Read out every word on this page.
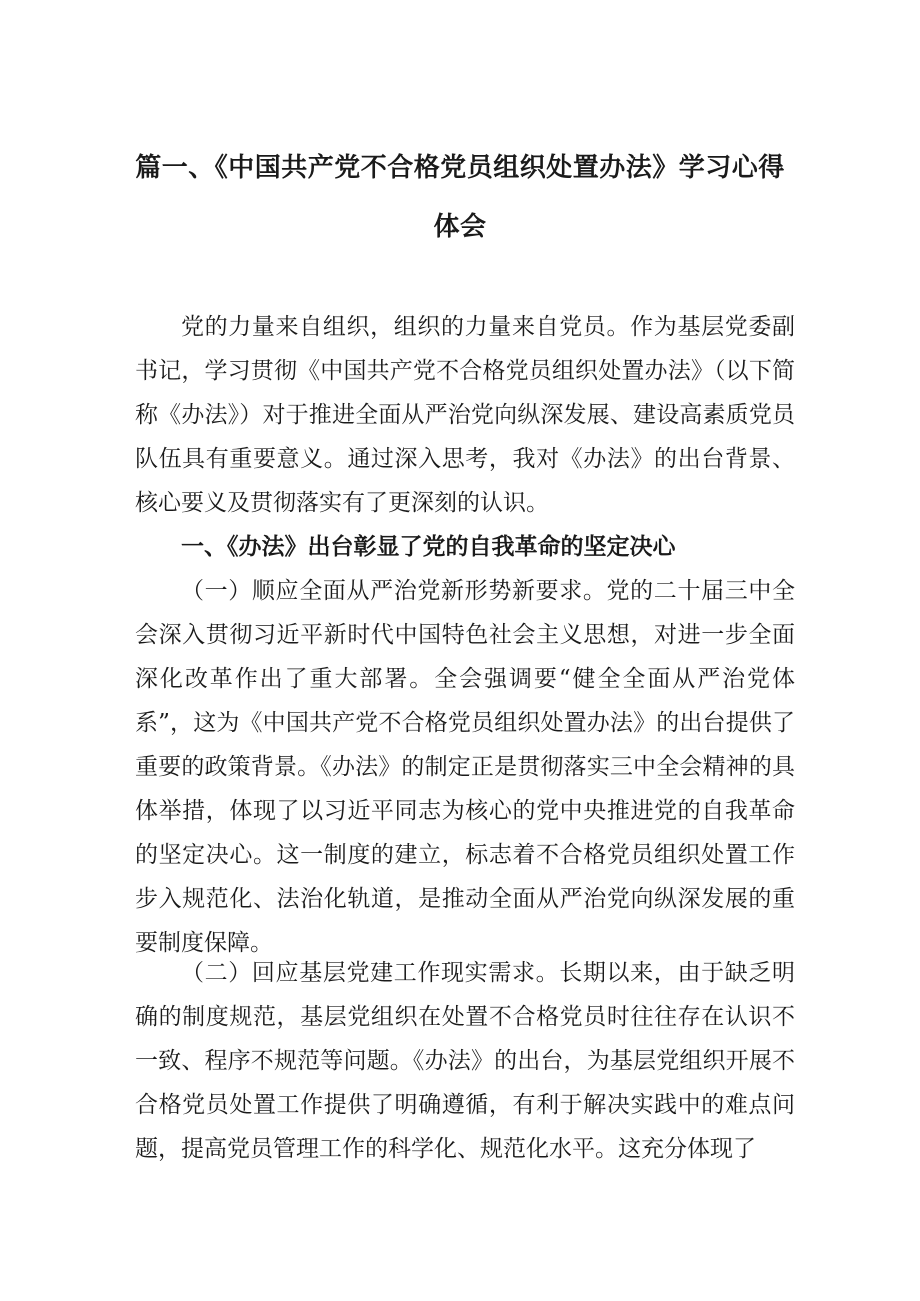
篇一、《中国共产党不合格党员组织处置办法》学习心得
体会

党的力量来自组织，组织的力量来自党员。作为基层党委副书记，学习贯彻《中国共产党不合格党员组织处置办法》（以下简称《办法》）对于推进全面从严治党向纵深发展、建设高素质党员队伍具有重要意义。通过深入思考，我对《办法》的出台背景、核心要义及贯彻落实有了更深刻的认识。

一、《办法》出台彰显了党的自我革命的坚定决心

（一）顺应全面从严治党新形势新要求。党的二十届三中全会深入贯彻习近平新时代中国特色社会主义思想，对进一步全面深化改革作出了重大部署。全会强调要“健全全面从严治党体系”，这为《中国共产党不合格党员组织处置办法》的出台提供了重要的政策背景。《办法》的制定正是贯彻落实三中全会精神的具体举措，体现了以习近平同志为核心的党中央推进党的自我革命的坚定决心。这一制度的建立，标志着不合格党员组织处置工作步入规范化、法治化轨道，是推动全面从严治党向纵深发展的重要制度保障。

（二）回应基层党建工作现实需求。长期以来，由于缺乏明确的制度规范，基层党组织在处置不合格党员时往往存在认识不一致、程序不规范等问题。《办法》的出台，为基层党组织开展不合格党员处置工作提供了明确遵循，有利于解决实践中的难点问题，提高党员管理工作的科学化、规范化水平。这充分体现了
